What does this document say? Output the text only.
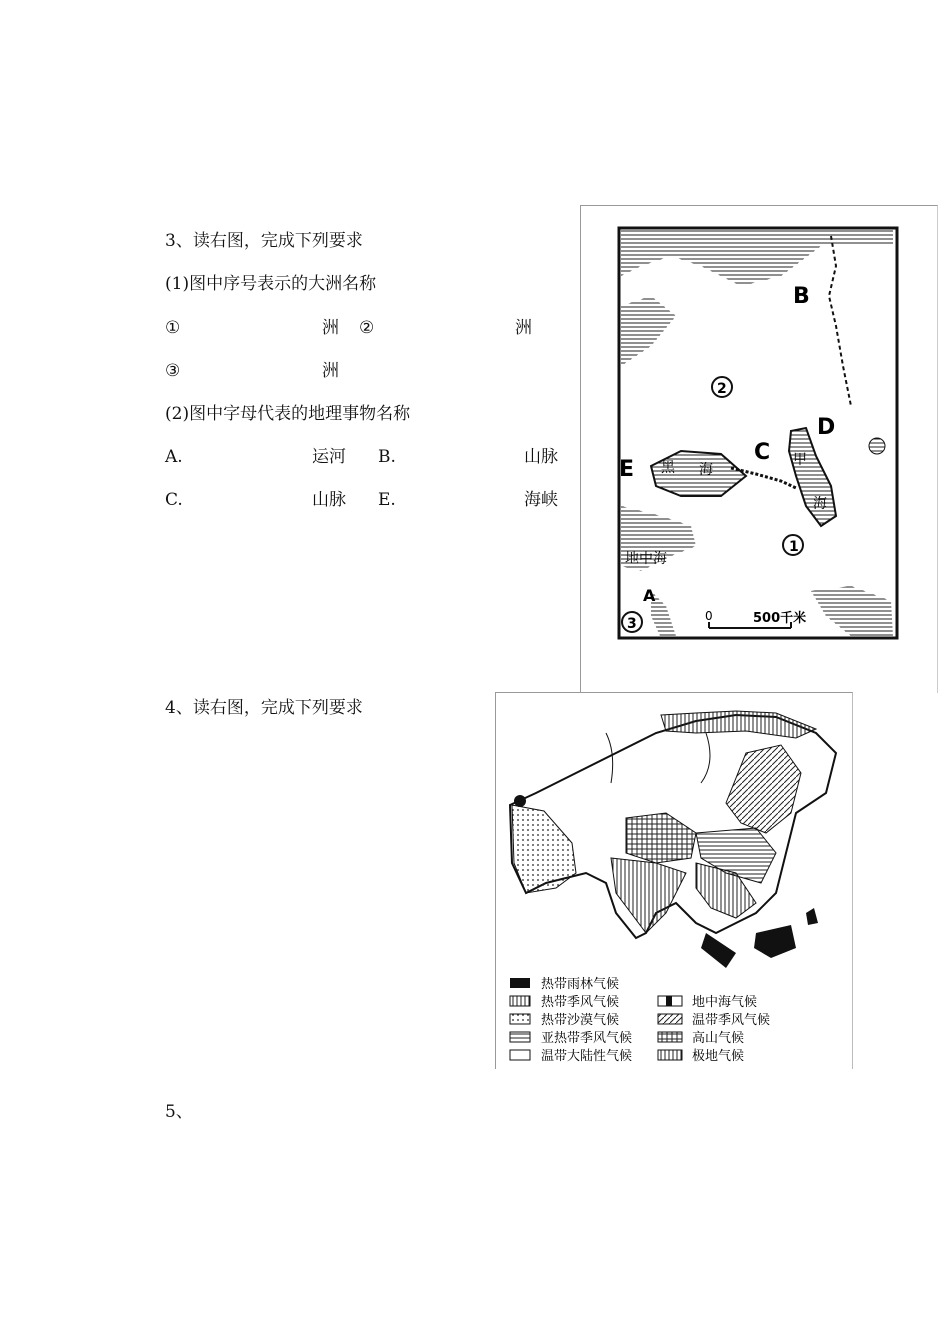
3、读右图，完成下列要求
(1)图中序号表示的大洲名称
①	洲 ②	洲
③	洲
(2)图中字母代表的地理事物名称
A.	运河 B.	山脉
C.	山脉 E.	海峡
B
D
C
E
A
2
1
3
黑 海
甲
海
地中海
0	500千米
4、读右图，完成下列要求
热带雨林气候
热带季风气候
热带沙漠气候
亚热带季风气候
温带大陆性气候
地中海气候
温带季风气候
高山气候
极地气候
5、
